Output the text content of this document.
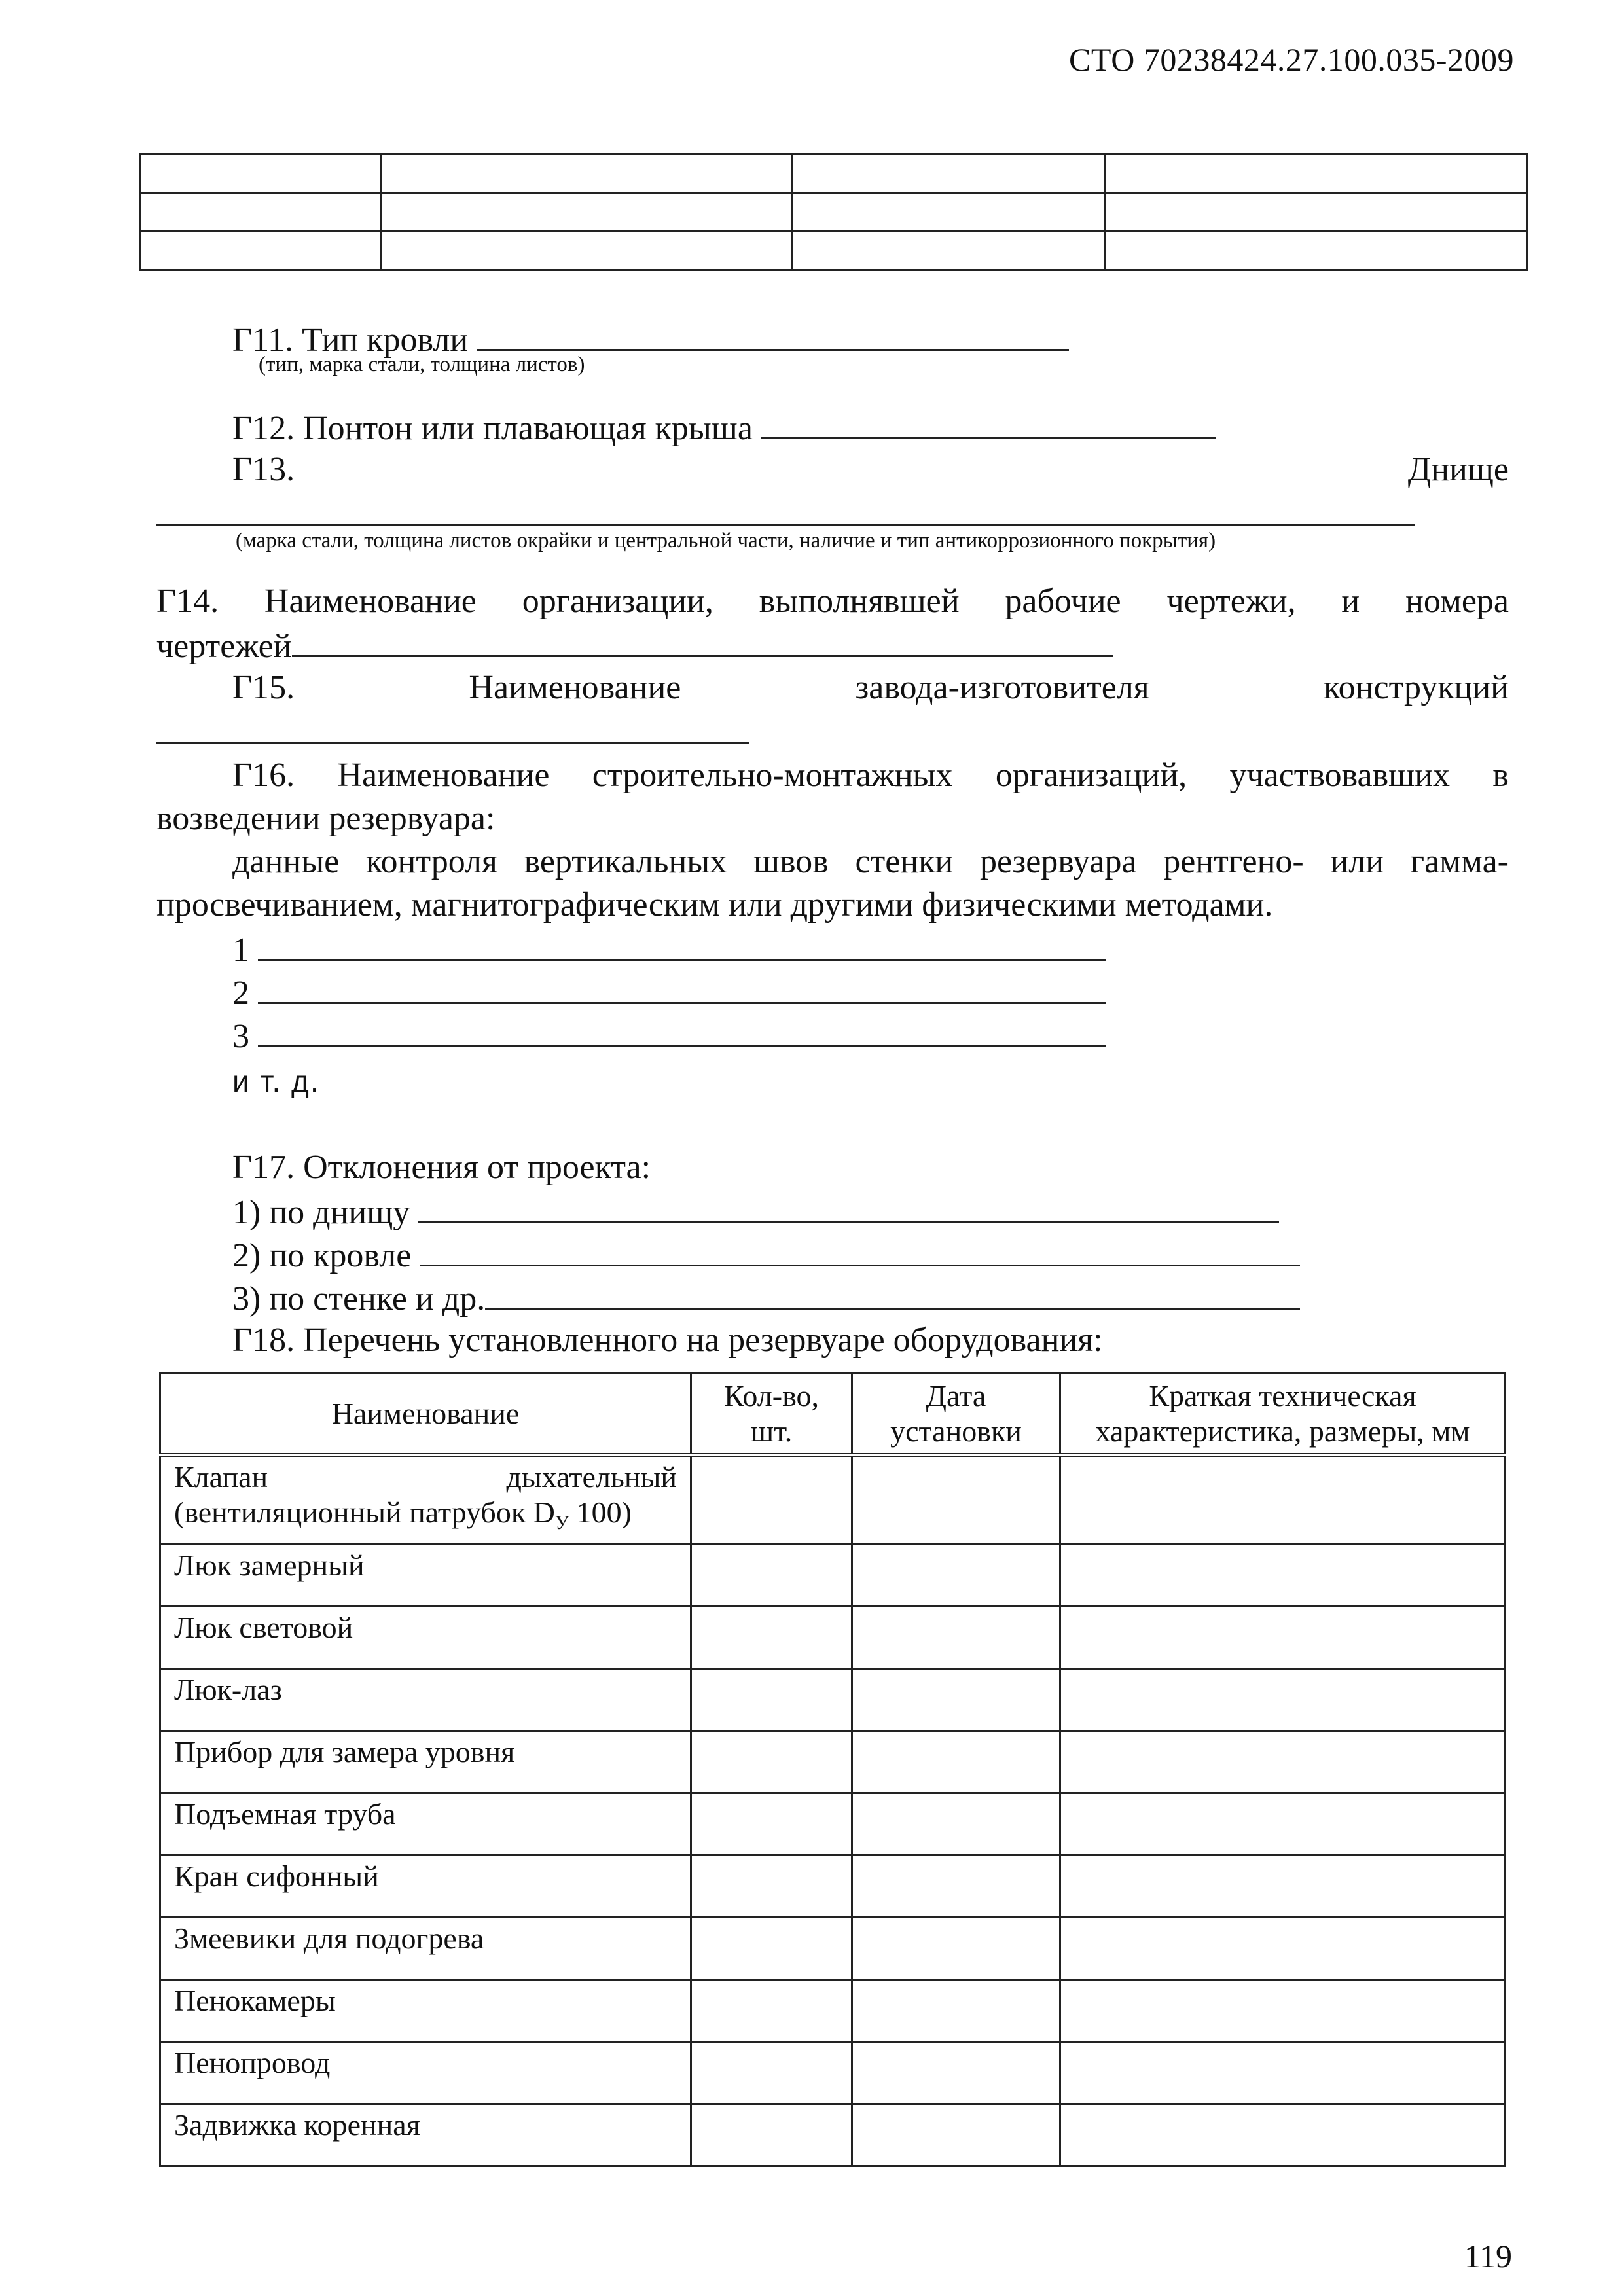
СТО 70238424.27.100.035-2009

Г11. Тип кровли
(тип, марка стали, толщина листов)
Г12. Понтон или плавающая крыша
Г13.	Днище
(марка стали, толщина листов окрайки и центральной части, наличие и тип антикоррозионного покрытия)
Г14. Наименование организации, выполнявшей рабочие чертежи, и номера
чертежей
Г15.	Наименование	завода-изготовителя	конструкций
Г16. Наименование строительно-монтажных организаций, участвовавших в
возведении резервуара:
данные контроля вертикальных швов стенки резервуара рентгено- или гамма-
просвечиванием, магнитографическим или другими физическими методами.
1
2
3
и т. д.
Г17. Отклонения от проекта:
1) по днищу
2) по кровле
3) по стенке и др.
Г18. Перечень установленного на резервуаре оборудования:
Наименование	Кол-во, шт.	Дата установки	Краткая техническая характеристика, размеры, мм

Клапан дыхательный
(вентиляционный патрубок $D_У$ 100)			

Люк замерный			
Люк световой			
Люк-лаз			
Прибор для замера уровня			
Подъемная труба			
Кран сифонный			
Змеевики для подогрева			
Пенокамеры			
Пенопровод			
Задвижка коренная			
119
